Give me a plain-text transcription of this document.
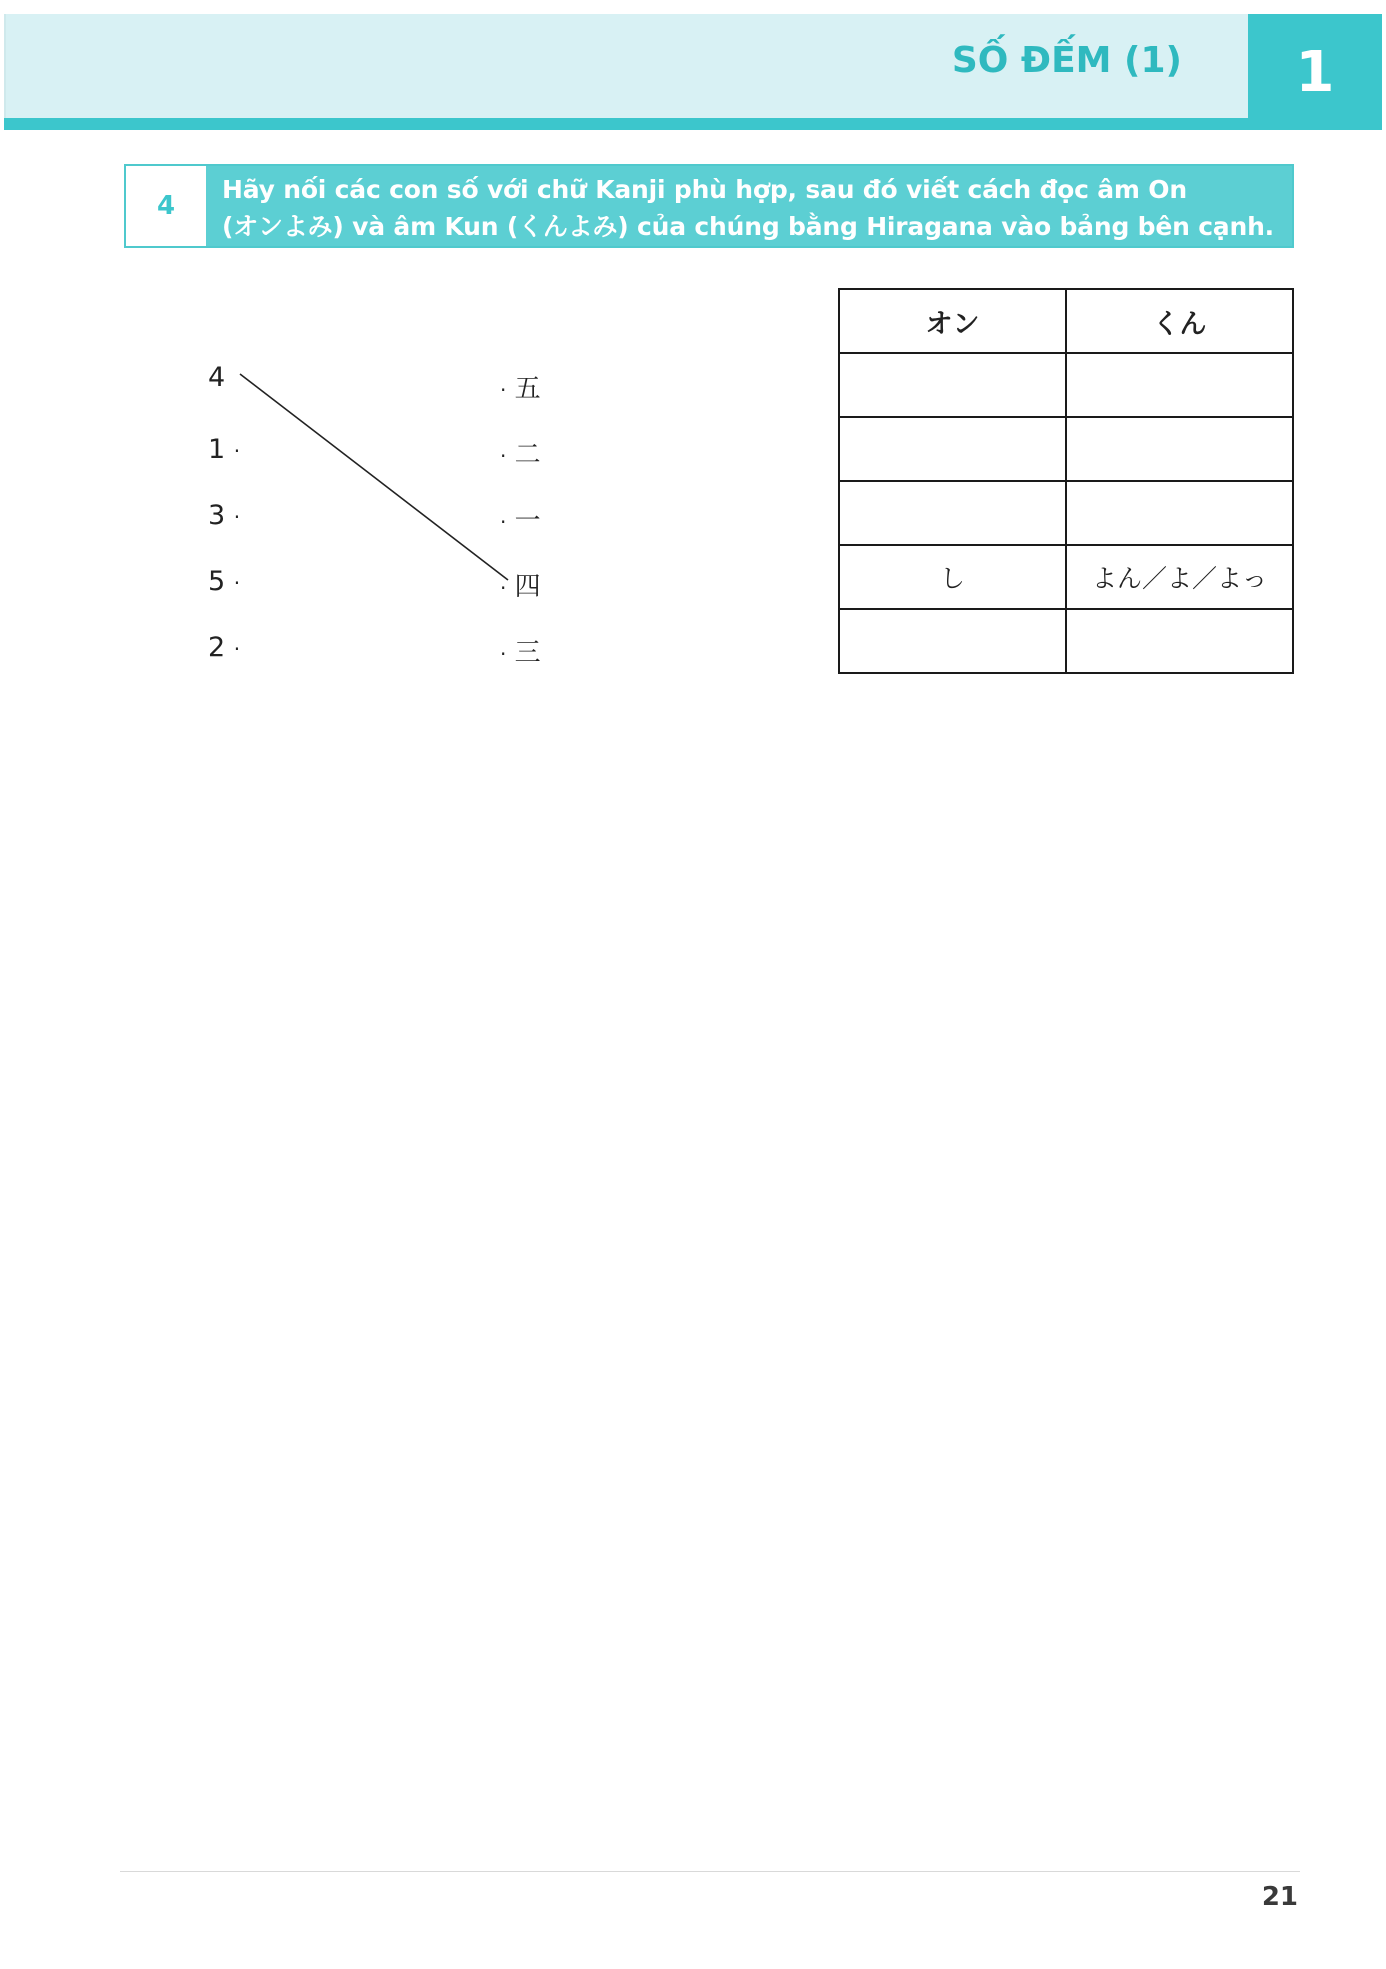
SỐ ĐẾM (1) 1
4
Hãy nối các con số với chữ Kanji phù hợp, sau đó viết cách đọc âm On
(オンよみ) và âm Kun (くんよみ) của chúng bằng Hiragana vào bảng bên cạnh.
4
1 ·
3 ·
5 ·
2 ·
· 五
· 二
· 一
· 四
· 三
オン	くん

し	よん／よ／よっ

21
